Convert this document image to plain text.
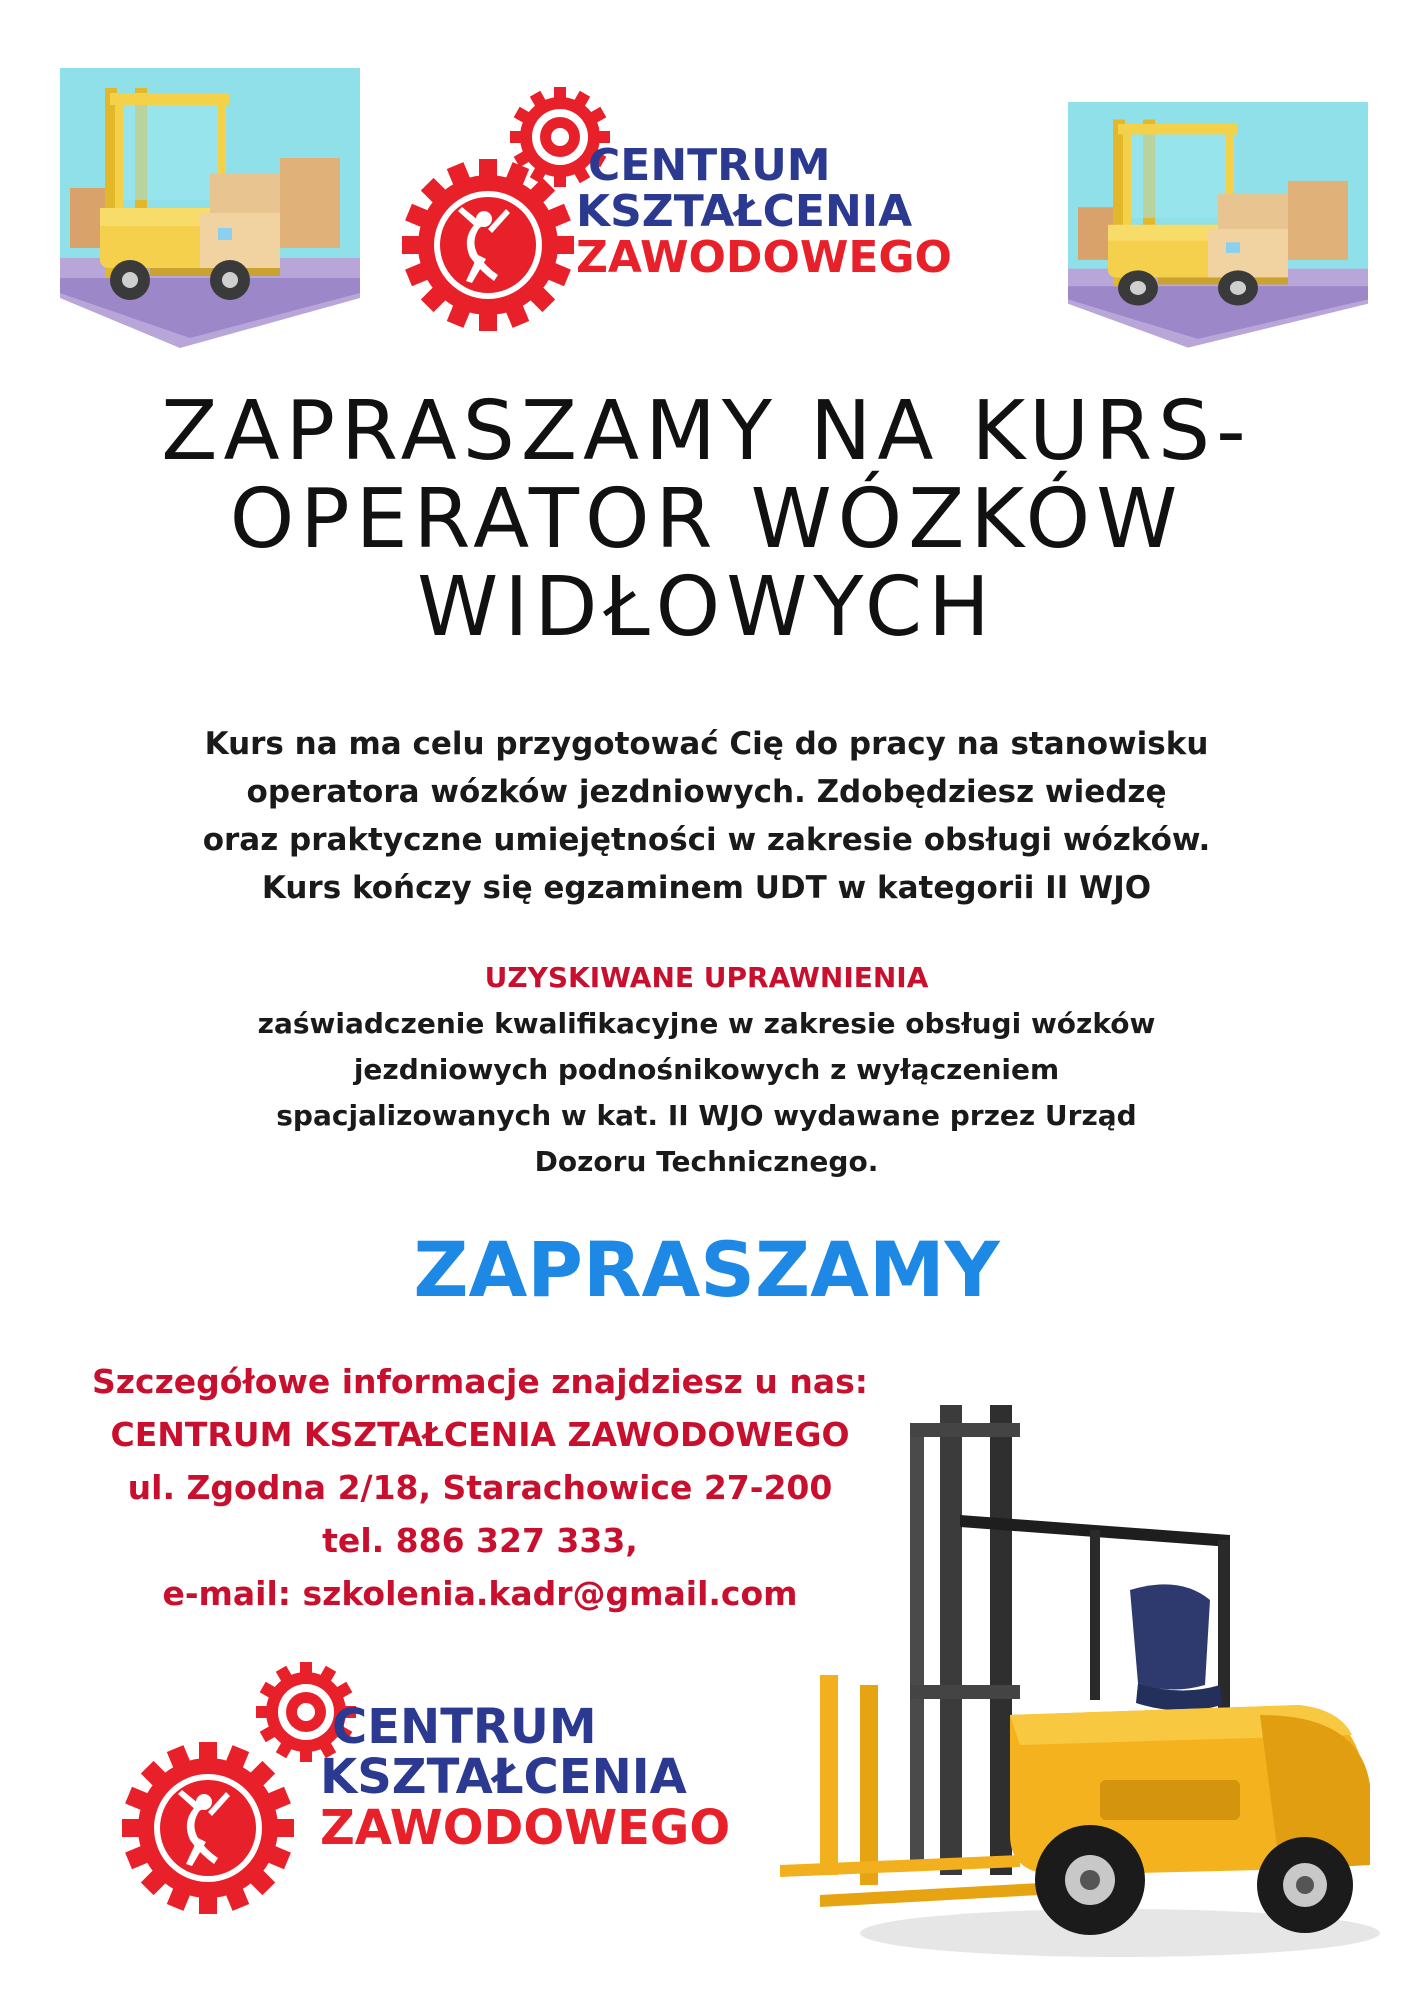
CENTRUM
KSZTAŁCENIA
ZAWODOWEGO
ZAPRASZAMY NA KURS-
OPERATOR WÓZKÓW
WIDŁOWYCH

Kurs na ma celu przygotować Cię do pracy na stanowisku

operatora wózków jezdniowych. Zdobędziesz wiedzę

oraz praktyczne umiejętności w zakresie obsługi wózków.

Kurs kończy się egzaminem UDT w kategorii II WJO

UZYSKIWANE UPRAWNIENIA

zaświadczenie kwalifikacyjne w zakresie obsługi wózków

jezdniowych podnośnikowych z wyłączeniem

spacjalizowanych w kat. II WJO wydawane przez Urząd

Dozoru Technicznego.

ZAPRASZAMY

Szczegółowe informacje znajdziesz u nas:

CENTRUM KSZTAŁCENIA ZAWODOWEGO

ul. Zgodna 2/18, Starachowice 27-200

tel. 886 327 333,

e-mail: szkolenia.kadr@gmail.com

CENTRUM
KSZTAŁCENIA
ZAWODOWEGO
